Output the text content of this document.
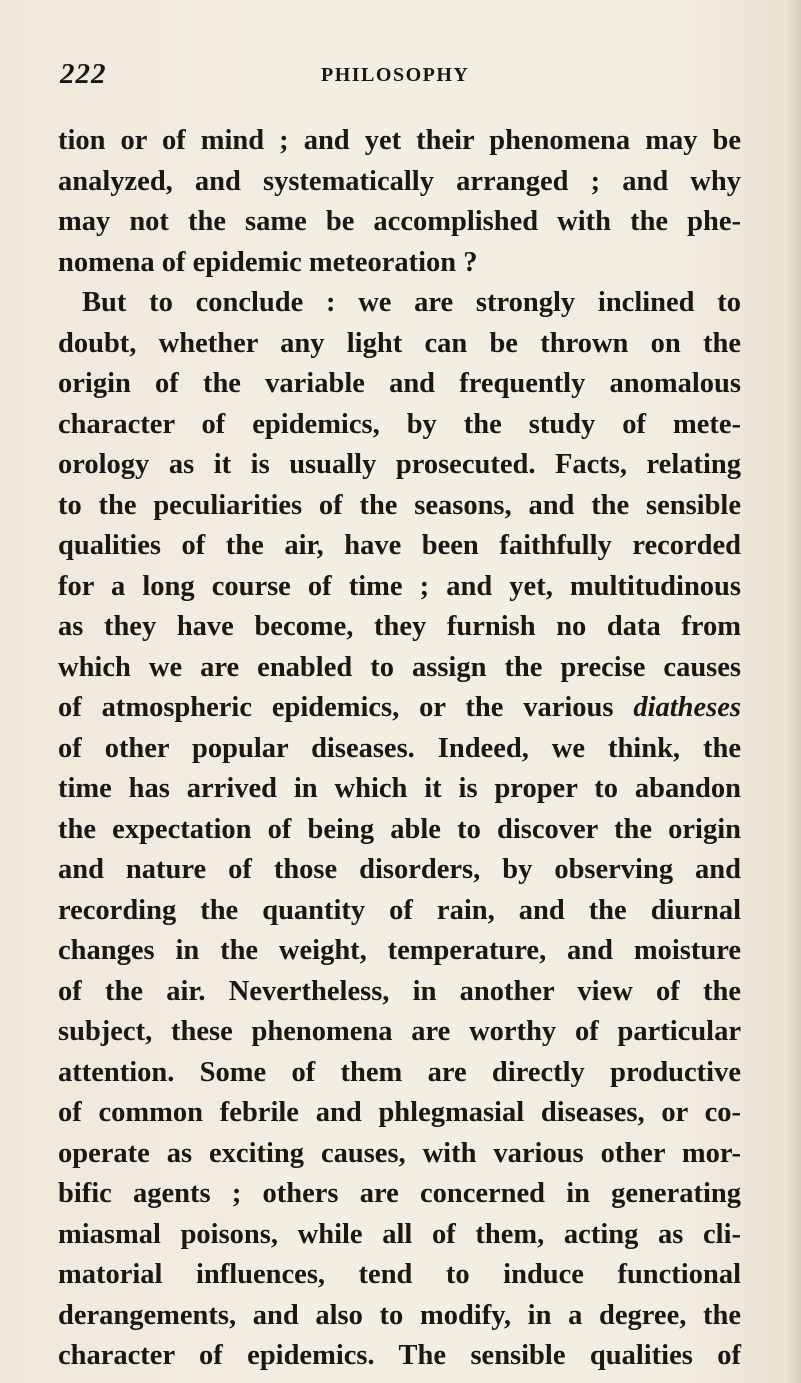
222	PHILOSOPHY
tion or of mind ; and yet their phenomena may be
analyzed, and systematically arranged ; and why
may not the same be accomplished with the phe-
nomena of epidemic meteoration ?
But to conclude : we are strongly inclined to
doubt, whether any light can be thrown on the
origin of the variable and frequently anomalous
character of epidemics, by the study of mete-
orology as it is usually prosecuted. Facts, relating
to the peculiarities of the seasons, and the sensible
qualities of the air, have been faithfully recorded
for a long course of time ; and yet, multitudinous
as they have become, they furnish no data from
which we are enabled to assign the precise causes
of atmospheric epidemics, or the various diatheses
of other popular diseases. Indeed, we think, the
time has arrived in which it is proper to abandon
the expectation of being able to discover the origin
and nature of those disorders, by observing and
recording the quantity of rain, and the diurnal
changes in the weight, temperature, and moisture
of the air. Nevertheless, in another view of the
subject, these phenomena are worthy of particular
attention. Some of them are directly productive
of common febrile and phlegmasial diseases, or co-
operate as exciting causes, with various other mor-
bific agents ; others are concerned in generating
miasmal poisons, while all of them, acting as cli-
matorial influences, tend to induce functional
derangements, and also to modify, in a degree, the
character of epidemics. The sensible qualities of
